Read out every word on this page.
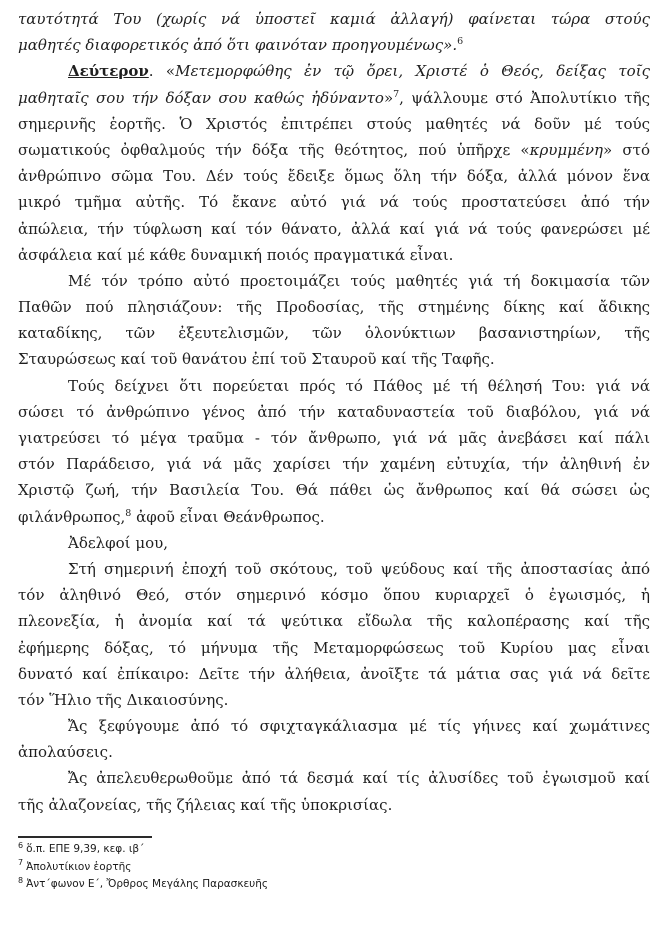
ταυτότητά Του (χωρίς νά ὑποστεῖ καμιά ἀλλαγή) φαίνεται τώρα στούς
μαθητές διαφορετικός ἀπό ὅτι φαινόταν προηγουμένως».$^6$
Δεύτερον. «Μετεμορφώθης ἐν τῷ ὄρει, Χριστέ ὁ Θεός, δείξας τοῖς
μαθηταῖς σου τήν δόξαν σου καθώς ἠδύναντο»$^7$, ψάλλουμε στό Ἀπολυτίκιο τῆς
σημερινῆς ἑορτῆς. Ὁ Χριστός ἐπιτρέπει στούς μαθητές νά δοῦν μέ τούς
σωματικούς ὀφθαλμούς τήν δόξα τῆς θεότητος, πού ὑπῆρχε «κρυμμένη» στό
ἀνθρώπινο σῶμα Του. Δέν τούς ἔδειξε ὅμως ὅλη τήν δόξα, ἀλλά μόνον ἕνα
μικρό τμῆμα αὐτῆς. Τό ἔκανε αὐτό γιά νά τούς προστατεύσει ἀπό τήν
ἀπώλεια, τήν τύφλωση καί τόν θάνατο, ἀλλά καί γιά νά τούς φανερώσει μέ
ἀσφάλεια καί μέ κάθε δυναμική ποιός πραγματικά εἶναι.
Μέ τόν τρόπο αὐτό προετοιμάζει τούς μαθητές γιά τή δοκιμασία τῶν
Παθῶν πού πλησιάζουν: τῆς Προδοσίας, τῆς στημένης δίκης καί ἄδικης
καταδίκης, τῶν ἐξευτελισμῶν, τῶν ὁλονύκτιων βασανιστηρίων, τῆς
Σταυρώσεως καί τοῦ θανάτου ἐπί τοῦ Σταυροῦ καί τῆς Ταφῆς.
Τούς δείχνει ὅτι πορεύεται πρός τό Πάθος μέ τή θέλησή Του: γιά νά
σώσει τό ἀνθρώπινο γένος ἀπό τήν καταδυναστεία τοῦ διαβόλου, γιά νά
γιατρεύσει τό μέγα τραῦμα - τόν ἄνθρωπο, γιά νά μᾶς ἀνεβάσει καί πάλι
στόν Παράδεισο, γιά νά μᾶς χαρίσει τήν χαμένη εὐτυχία, τήν ἀληθινή ἐν
Χριστῷ ζωή, τήν Βασιλεία Του. Θά πάθει ὡς ἄνθρωπος καί θά σώσει ὡς
φιλάνθρωπος,$^8$ ἀφοῦ εἶναι Θεάνθρωπος.
Ἀδελφοί μου,
Στή σημερινή ἐποχή τοῦ σκότους, τοῦ ψεύδους καί τῆς ἀποστασίας ἀπό
τόν ἀληθινό Θεό, στόν σημερινό κόσμο ὅπου κυριαρχεῖ ὁ ἐγωισμός, ἡ
πλεονεξία, ἡ ἀνομία καί τά ψεύτικα εἴδωλα τῆς καλοπέρασης καί τῆς
ἐφήμερης δόξας, τό μήνυμα τῆς Μεταμορφώσεως τοῦ Κυρίου μας εἶναι
δυνατό καί ἐπίκαιρο: Δεῖτε τήν ἀλήθεια, ἀνοῖξτε τά μάτια σας γιά νά δεῖτε
τόν Ἥλιο τῆς Δικαιοσύνης.
Ἄς ξεφύγουμε ἀπό τό σφιχταγκάλιασμα μέ τίς γήινες καί χωμάτινες
ἀπολαύσεις.
Ἄς ἀπελευθερωθοῦμε ἀπό τά δεσμά καί τίς ἀλυσίδες τοῦ ἐγωισμοῦ καί
τῆς ἀλαζονείας, τῆς ζήλειας καί τῆς ὑποκρισίας.
$^6$ ὅ.π. ΕΠΕ 9,39, κεφ. ιβ΄
$^7$ Ἀπολυτίκιον ἑορτῆς
$^8$ Ἀντ΄φωνον Ε΄, Ὄρθρος Μεγάλης Παρασκευῆς
